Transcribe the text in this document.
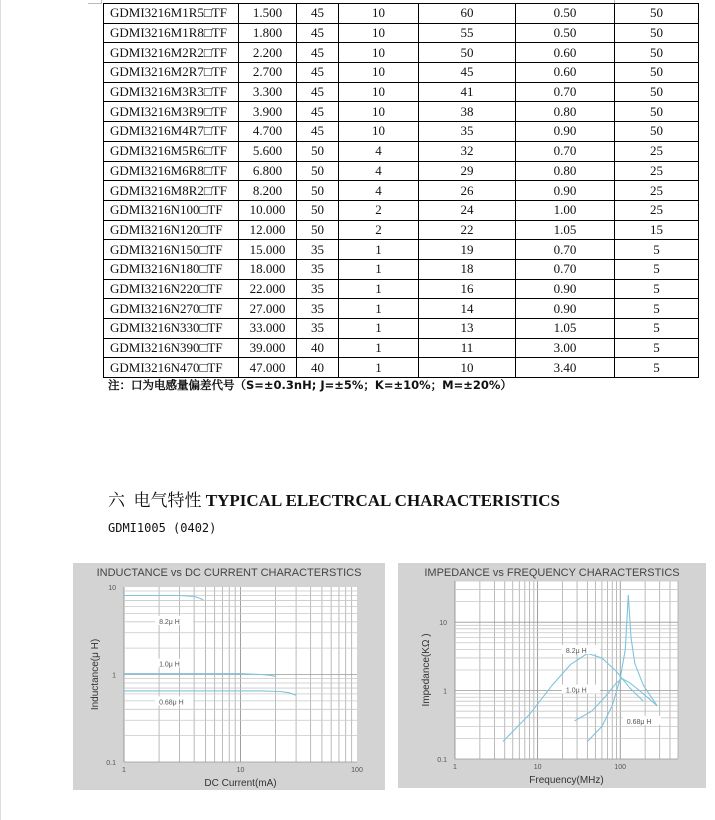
GDMI3216M1R5□TF	1.500	45	10	60	0.50	50
GDMI3216M1R8□TF	1.800	45	10	55	0.50	50
GDMI3216M2R2□TF	2.200	45	10	50	0.60	50
GDMI3216M2R7□TF	2.700	45	10	45	0.60	50
GDMI3216M3R3□TF	3.300	45	10	41	0.70	50
GDMI3216M3R9□TF	3.900	45	10	38	0.80	50
GDMI3216M4R7□TF	4.700	45	10	35	0.90	50
GDMI3216M5R6□TF	5.600	50	4	32	0.70	25
GDMI3216M6R8□TF	6.800	50	4	29	0.80	25
GDMI3216M8R2□TF	8.200	50	4	26	0.90	25
GDMI3216N100□TF	10.000	50	2	24	1.00	25
GDMI3216N120□TF	12.000	50	2	22	1.05	15
GDMI3216N150□TF	15.000	35	1	19	0.70	5
GDMI3216N180□TF	18.000	35	1	18	0.70	5
GDMI3216N220□TF	22.000	35	1	16	0.90	5
GDMI3216N270□TF	27.000	35	1	14	0.90	5
GDMI3216N330□TF	33.000	35	1	13	1.05	5
GDMI3216N390□TF	39.000	40	1	11	3.00	5
GDMI3216N470□TF	47.000	40	1	10	3.40	5
注：口为电感量偏差代号（S=±0.3nH; J=±5%；K=±10%；M=±20%）
六 电气特性 TYPICAL ELECTRCAL CHARACTERISTICS
GDMI1005 (0402)
1	10	100
0.1
1
10
DC Current(mA)
Inductance(μ H)
8.2μ H
1.0μ H
0.68μ H
INDUCTANCE vs DC CURRENT CHARACTERSTICS
1	10	100
0.1
1
10
Frequency(MHz)
Impedance(KΩ )	8.2μ H
1.0μ H
0.68μ H
IMPEDANCE vs FREQUENCY CHARACTERSTICS
